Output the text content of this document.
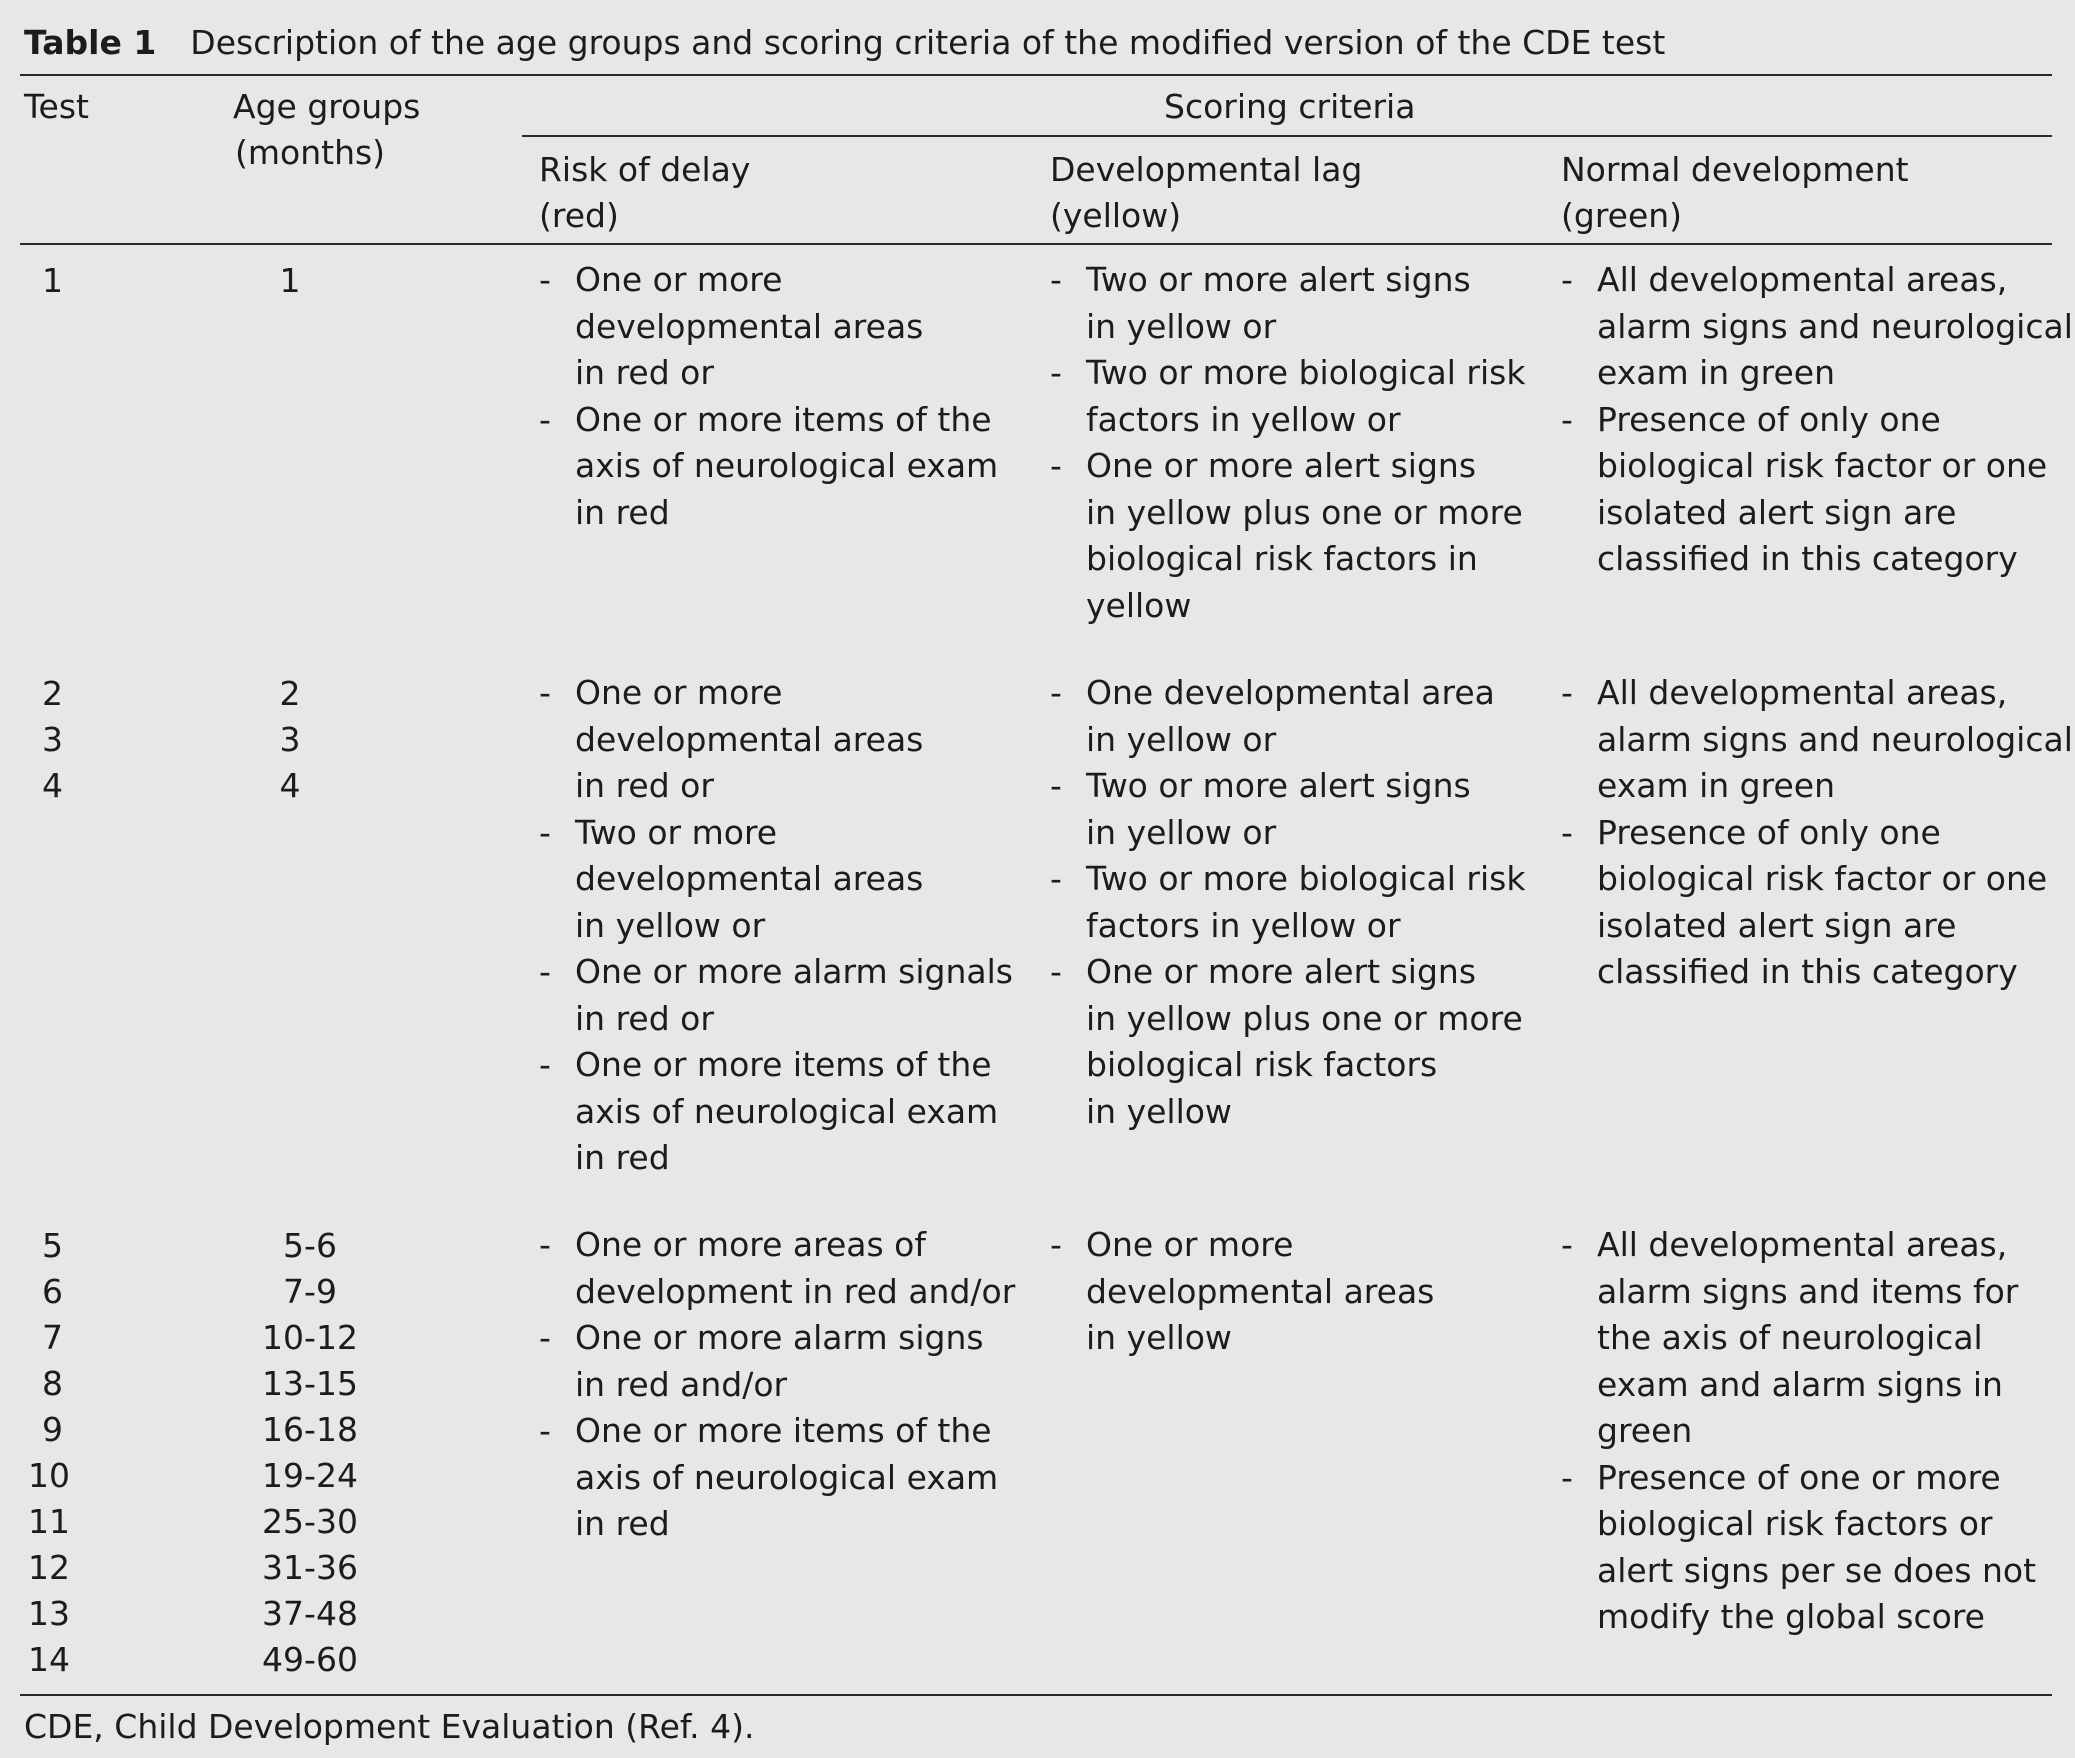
Table 1 Description of the age groups and scoring criteria of the modified version of the CDE test
Test	Age groups
(months)
Scoring criteria
Risk of delay
(red)
Developmental lag
(yellow)
Normal development
(green)
1	1
-	One or more
developmental areas
in red or
- One or more items of the
axis of neurological exam
in red
- Two or more alert signs
in yellow or
- Two or more biological risk
factors in yellow or
- One or more alert signs
in yellow plus one or more
biological risk factors in
yellow
- All developmental areas,
alarm signs and neurological
exam in green
- Presence of only one
biological risk factor or one
isolated alert sign are
classified in this category
2
3
4
2
3
4
- One or more
developmental areas
in red or
- Two or more
developmental areas
in yellow or
- One or more alarm signals
in red or
- One or more items of the
axis of neurological exam
in red
- One developmental area
in yellow or
- Two or more alert signs
in yellow or
- Two or more biological risk
factors in yellow or
- One or more alert signs
in yellow plus one or more
biological risk factors
in yellow
- All developmental areas,
alarm signs and neurological
exam in green
- Presence of only one
biological risk factor or one
isolated alert sign are
classified in this category
5
6
7
8
9
10
11
12
13
14
5-6
7-9
10-12
13-15
16-18
19-24
25-30
31-36
37-48
49-60
- One or more areas of
development in red and/or
- One or more alarm signs
in red and/or
- One or more items of the
axis of neurological exam
in red
- One or more
developmental areas
in yellow
- All developmental areas,
alarm signs and items for
the axis of neurological
exam and alarm signs in
green
- Presence of one or more
biological risk factors or
alert signs per se does not
modify the global score
CDE, Child Development Evaluation (Ref. 4).
